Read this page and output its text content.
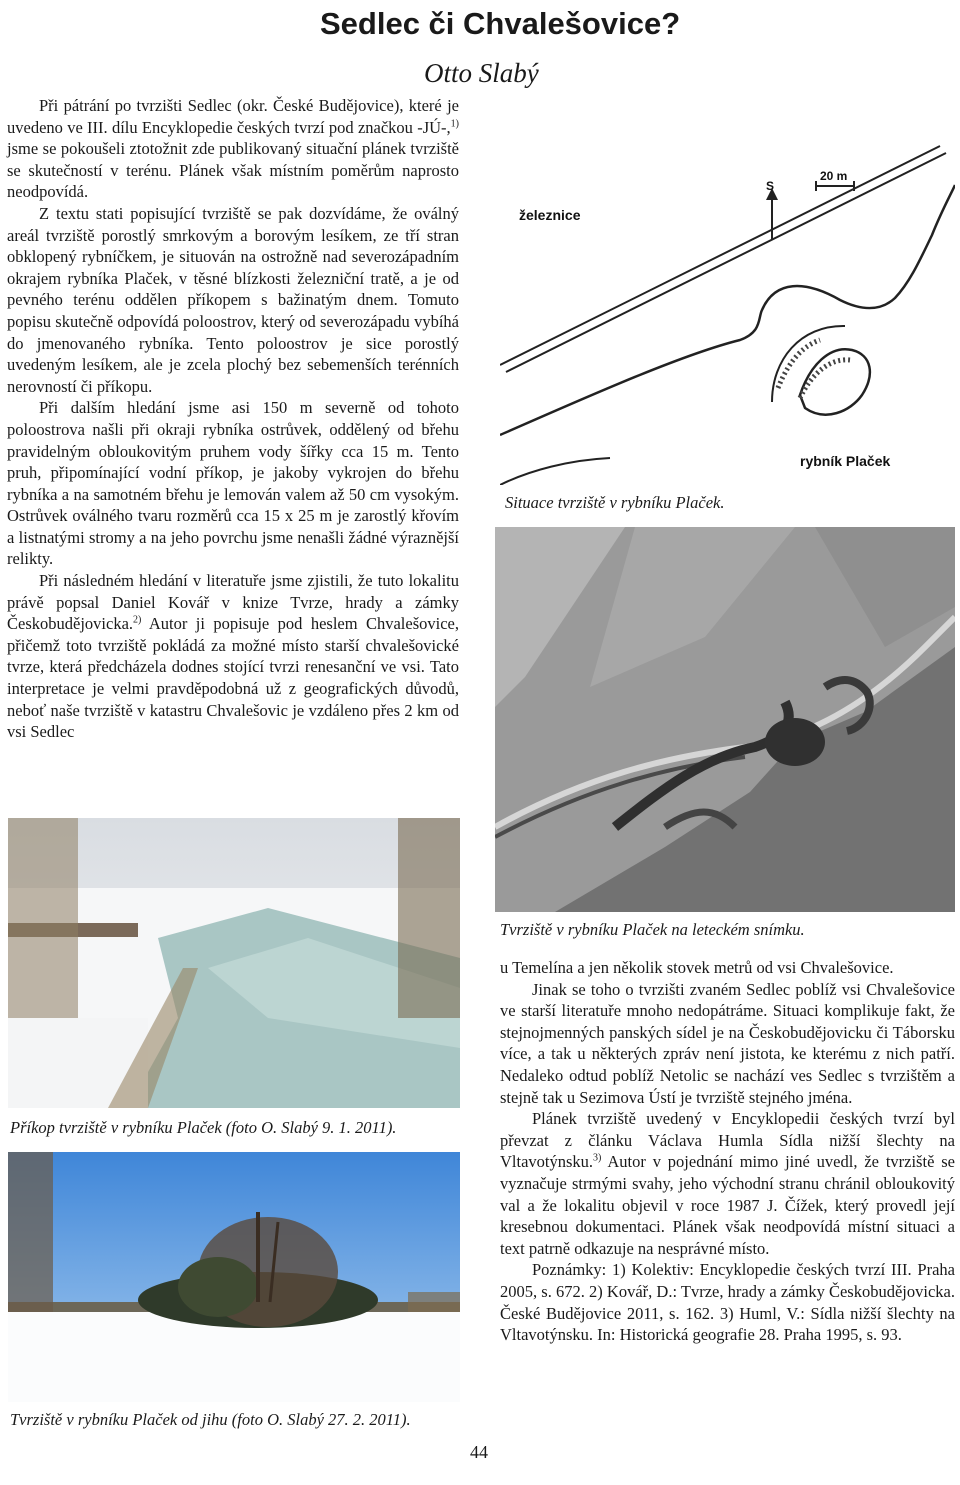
Sedlec či Chvalešovice?
Otto Slabý

Při pátrání po tvrzišti Sedlec (okr. České Budějovice), které je uvedeno ve III. dílu Encyklopedie českých tvrzí pod značkou -JÚ-,$^{1)}$ jsme se pokoušeli ztotožnit zde publikovaný situační plánek tvrziště se skutečností v terénu. Plánek však místním poměrům naprosto neodpovídá.

Z textu stati popisující tvrziště se pak dozvídáme, že oválný areál tvrziště porostlý smrkovým a borovým lesíkem, ze tří stran obklopený rybníčkem, je situován na ostrožně nad severozápadním okrajem rybníka Plaček, v těsné blízkosti železniční tratě, a je od pevného terénu oddělen příkopem s bažinatým dnem. Tomuto popisu skutečně odpovídá poloostrov, který od severozápadu vybíhá do jmenovaného rybníka. Tento poloostrov je sice porostlý uvedeným lesíkem, ale je zcela plochý bez sebemenších terénních nerovností či příkopu.

Při dalším hledání jsme asi 150 m severně od tohoto poloostrova našli při okraji rybníka ostrůvek, oddělený od břehu pravidelným obloukovitým pruhem vody šířky cca 15 m. Tento pruh, připomínající vodní příkop, je jakoby vykrojen do břehu rybníka a na samotném břehu je lemován valem až 50 cm vysokým. Ostrůvek oválného tvaru rozměrů cca 15 x 25 m je zarostlý křovím a listnatými stromy a na jeho povrchu jsme nenašli žádné výraznější relikty.

Při následném hledání v literatuře jsme zjistili, že tuto lokalitu právě popsal Daniel Kovář v knize Tvrze, hrady a zámky Českobudějovicka.$^{2)}$ Autor ji popisuje pod heslem Chvalešovice, přičemž toto tvrziště pokládá za možné místo starší chvalešovické tvrze, která předcházela dodnes stojící tvrzi renesanční ve vsi. Tato interpretace je velmi pravděpodobná už z geografických důvodů, neboť naše tvrziště v katastru Chvalešovic je vzdáleno přes 2 km od vsi Sedlec

železnice
S
20 m
rybník Plaček
Situace tvrziště v rybníku Plaček.
Tvrziště v rybníku Plaček na leteckém snímku.

u Temelína a jen několik stovek metrů od vsi Chvalešovice.

Jinak se toho o tvrzišti zvaném Sedlec poblíž vsi Chvalešovice ve starší literatuře mnoho nedopátráme. Situaci komplikuje fakt, že stejnojmenných panských sídel je na Českobudějovicku či Táborsku více, a tak u některých zpráv není jistota, ke kterému z nich patří. Nedaleko odtud poblíž Netolic se nachází ves Sedlec s tvrzištěm a stejně tak u Sezimova Ústí je tvrziště stejného jména.

Plánek tvrziště uvedený v Encyklopedii českých tvrzí byl převzat z článku Václava Humla Sídla nižší šlechty na Vltavotýnsku.$^{3)}$ Autor v pojednání mimo jiné uvedl, že tvrziště se vyznačuje strmými svahy, jeho východní stranu chránil obloukovitý val a že lokalitu objevil v roce 1987 J. Čížek, který provedl její kresebnou dokumentaci. Plánek však neodpovídá místní situaci a text patrně odkazuje na nesprávné místo.

Poznámky: 1) Kolektiv: Encyklopedie českých tvrzí III. Praha 2005, s. 672. 2) Kovář, D.: Tvrze, hrady a zámky Českobudějovicka. České Budějovice 2011, s. 162. 3) Huml, V.: Sídla nižší šlechty na Vltavotýnsku. In: Historická geografie 28. Praha 1995, s. 93.

Příkop tvrziště v rybníku Plaček (foto O. Slabý 9. 1. 2011).
Tvrziště v rybníku Plaček od jihu (foto O. Slabý 27. 2. 2011).
44
